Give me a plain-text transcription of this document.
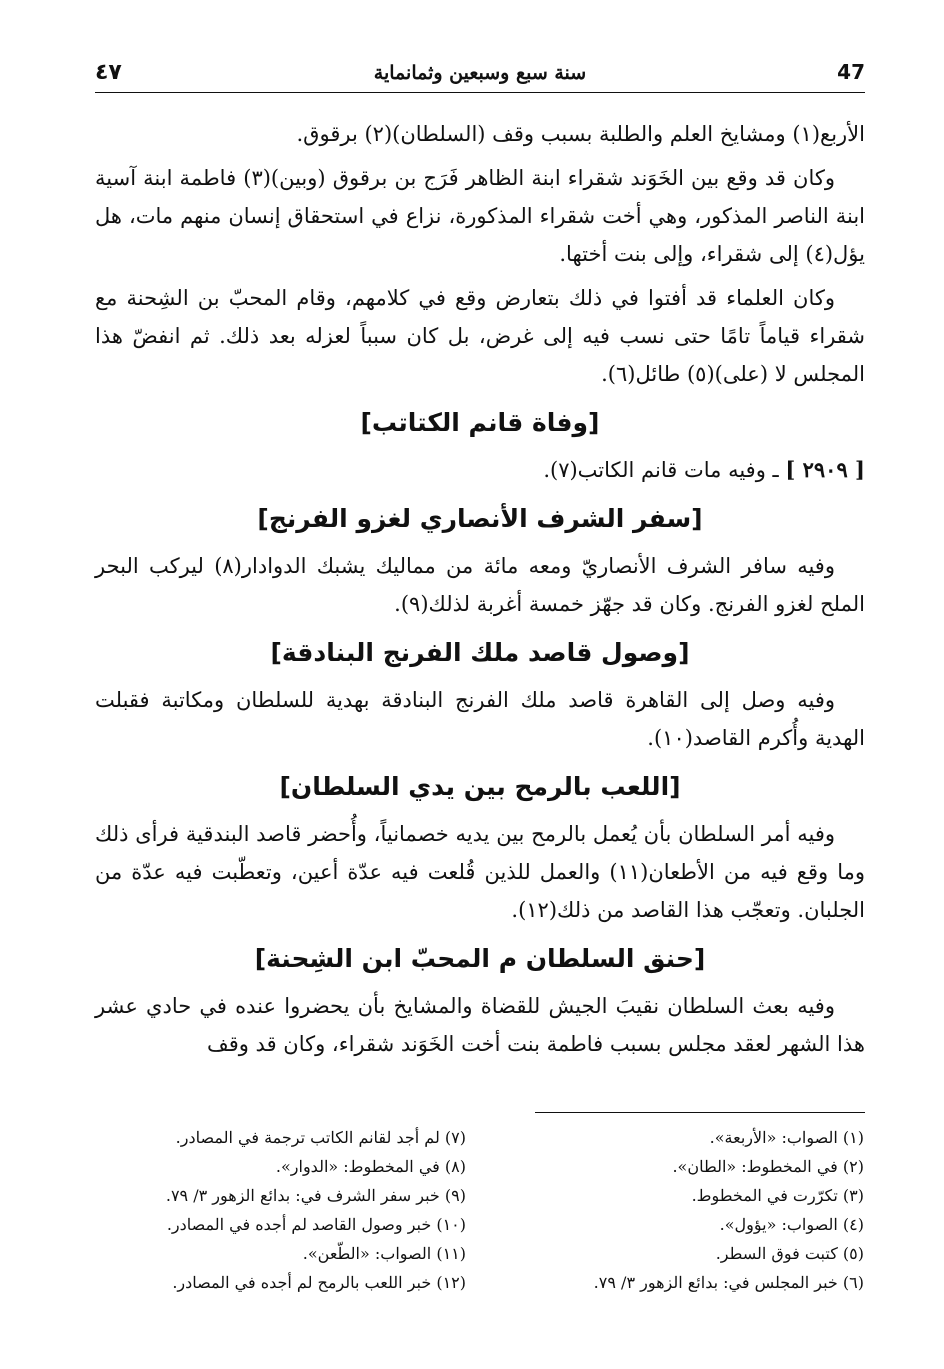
47
سنة سبع وسبعين وثمانماية
٤٧

الأربع(١) ومشايخ العلم والطلبة بسبب وقف (السلطان)(٢) برقوق.

وكان قد وقع بين الخَوَند شقراء ابنة الظاهر فَرَج بن برقوق (وبين)(٣) فاطمة ابنة آسية ابنة الناصر المذكور، وهي أخت شقراء المذكورة، نزاع في استحقاق إنسان منهم مات، هل يؤل(٤) إلى شقراء، وإلى بنت أختها.

وكان العلماء قد أفتوا في ذلك بتعارض وقع في كلامهم، وقام المحبّ بن الشِحنة مع شقراء قياماً تامًا حتى نسب فيه إلى غرض، بل كان سبباً لعزله بعد ذلك. ثم انفضّ هذا المجلس لا (على)(٥) طائل(٦).

[وفاة قانم الكتاتب]

[ ٢٩٠٩ ] ـ وفيه مات قانم الكاتب(٧).

[سفر الشرف الأنصاري لغزو الفرنج]

وفيه سافر الشرف الأنصاريّ ومعه مائة من مماليك يشبك الدوادار(٨) ليركب البحر الملح لغزو الفرنج. وكان قد جهّز خمسة أغربة لذلك(٩).

[وصول قاصد ملك الفرنج البنادقة]

وفيه وصل إلى القاهرة قاصد ملك الفرنج البنادقة بهدية للسلطان ومكاتبة فقبلت الهدية وأُكرم القاصد(١٠).

[اللعب بالرمح بين يدي السلطان]

وفيه أمر السلطان بأن يُعمل بالرمح بين يديه خصمانياً، وأُحضر قاصد البندقية فرأى ذلك وما وقع فيه من الأطعان(١١) والعمل للذين قُلعت فيه عدّة أعين، وتعطّبت فيه عدّة من الجلبان. وتعجّب هذا القاصد من ذلك(١٢).

[حنق السلطان م المحبّ ابن الشِحنة]

وفيه بعث السلطان نقيبَ الجيش للقضاة والمشايخ بأن يحضروا عنده في حادي عشر هذا الشهر لعقد مجلس بسبب فاطمة بنت أخت الخَوَند شقراء، وكان قد وقف

(١) الصواب: «الأربعة».
(٢) في المخطوط: «الطان».
(٣) تكرّرت في المخطوط.
(٤) الصواب: «يؤول».
(٥) كتبت فوق السطر.
(٦) خبر المجلس في: بدائع الزهور ٣/ ٧٩.
(٧) لم أجد لقانم الكاتب ترجمة في المصادر.
(٨) في المخطوط: «الدوار».
(٩) خبر سفر الشرف في: بدائع الزهور ٣/ ٧٩.
(١٠) خبر وصول القاصد لم أجده في المصادر.
(١١) الصواب: «الطّعن».
(١٢) خبر اللعب بالرمح لم أجده في المصادر.
